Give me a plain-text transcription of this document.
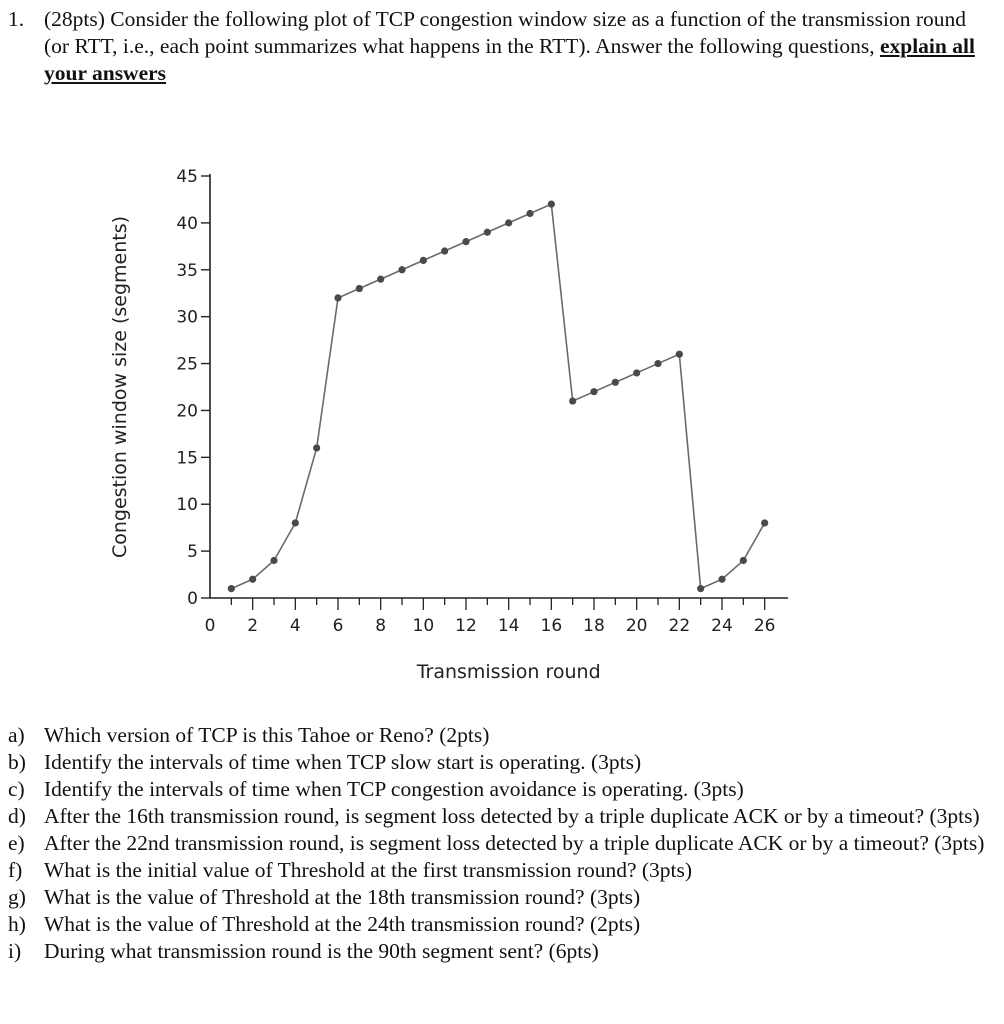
1. (28pts) Consider the following plot of TCP congestion window size as a function of the transmission round (or RTT, i.e., each point summarizes what happens in the RTT). Answer the following questions, explain all your answers
0
5
10
15
20
25
30
35
40
45
0 2 4 6 8 10 12 14 16 18 20 22 24 26
Transmission round
Congestion window size (segments)
a) Which version of TCP is this Tahoe or Reno? (2pts)
b) Identify the intervals of time when TCP slow start is operating. (3pts)
c) Identify the intervals of time when TCP congestion avoidance is operating. (3pts)
d) After the 16th transmission round, is segment loss detected by a triple duplicate ACK or by a timeout? (3pts)
e) After the 22nd transmission round, is segment loss detected by a triple duplicate ACK or by a timeout? (3pts)
f) What is the initial value of Threshold at the first transmission round? (3pts)
g) What is the value of Threshold at the 18th transmission round? (3pts)
h) What is the value of Threshold at the 24th transmission round? (2pts)
i) During what transmission round is the 90th segment sent? (6pts)
